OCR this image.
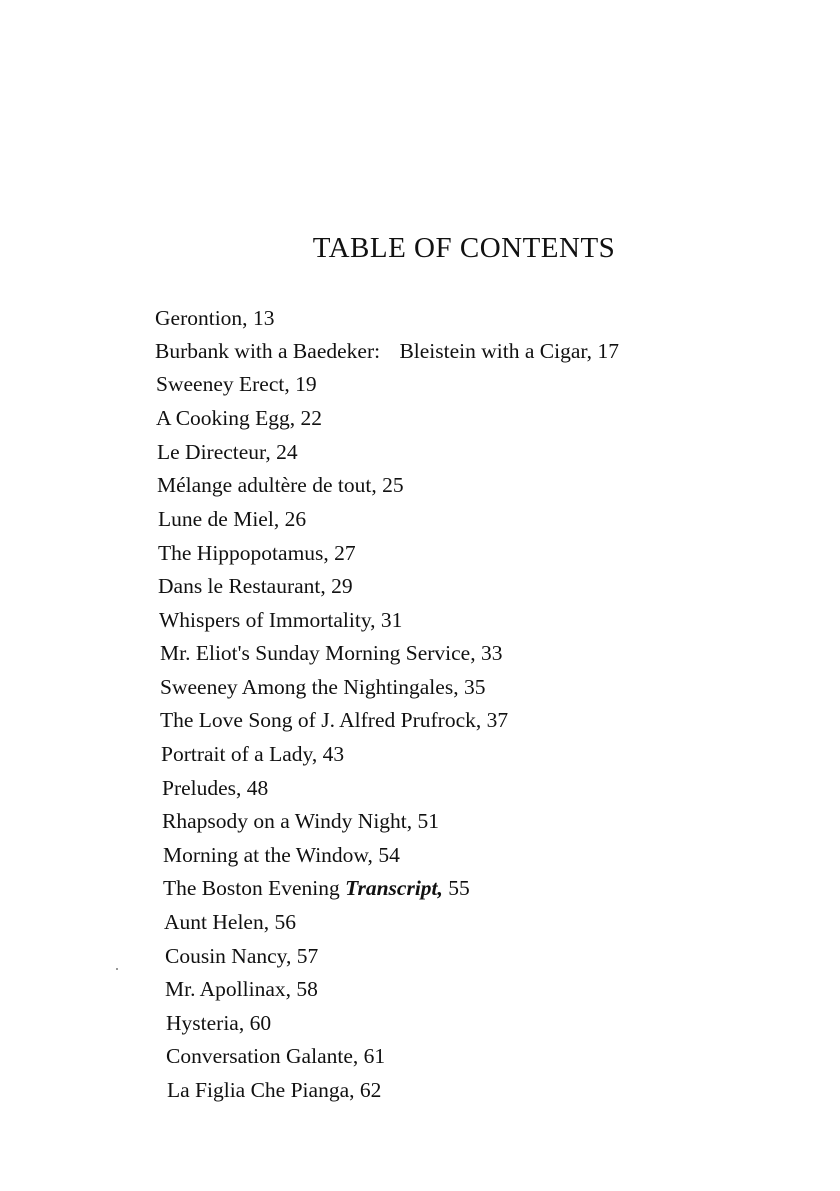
TABLE OF CONTENTS
Gerontion, 13
Burbank with a Baedeker: Bleistein with a Cigar, 17
Sweeney Erect, 19
A Cooking Egg, 22
Le Directeur, 24
Mélange adultère de tout, 25
Lune de Miel, 26
The Hippopotamus, 27
Dans le Restaurant, 29
Whispers of Immortality, 31
Mr. Eliot's Sunday Morning Service, 33
Sweeney Among the Nightingales, 35
The Love Song of J. Alfred Prufrock, 37
Portrait of a Lady, 43
Preludes, 48
Rhapsody on a Windy Night, 51
Morning at the Window, 54
The Boston Evening Transcript, 55
Aunt Helen, 56
Cousin Nancy, 57
Mr. Apollinax, 58
Hysteria, 60
Conversation Galante, 61
La Figlia Che Pianga, 62
